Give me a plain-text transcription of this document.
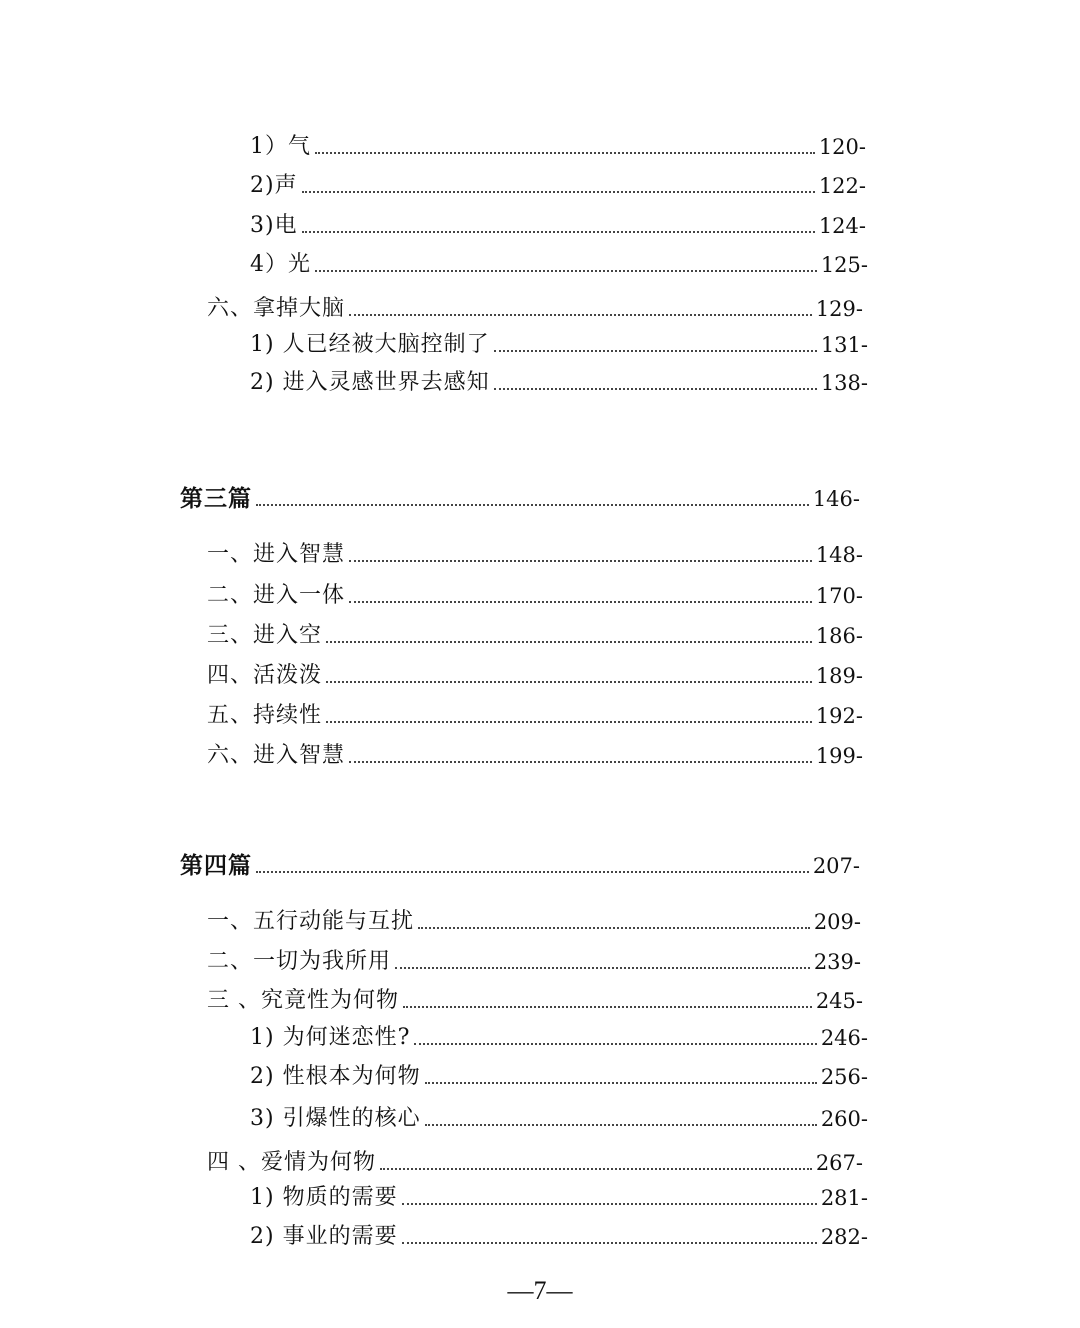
1）气	120-
2)声	122-
3)电	124-
4）光	125-
六、拿掉大脑	129-
1) 人已经被大脑控制了	131-
2) 进入灵感世界去感知	138-
第三篇	146-
一、进入智慧	148-
二、进入一体	170-
三、进入空	186-
四、活泼泼	189-
五、持续性	192-
六、进入智慧	199-
第四篇	207-
一、五行动能与互扰	209-
二、一切为我所用	239-
三 、究竟性为何物	245-
1) 为何迷恋性?	246-
2) 性根本为何物	256-
3) 引爆性的核心	260-
四 、爱情为何物	267-
1) 物质的需要	281-
2) 事业的需要	282-
—7—
